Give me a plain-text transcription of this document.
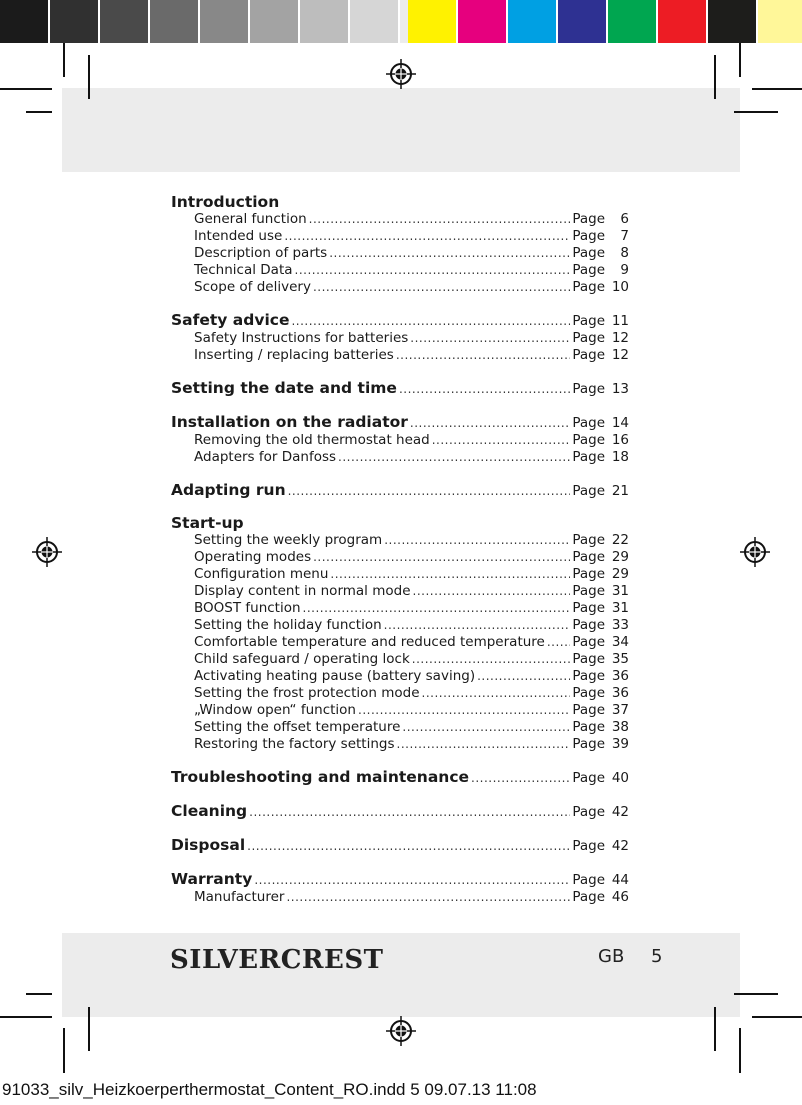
Introduction
General function .....	Page	6
Intended use .....	Page	7
Description of parts .....	Page	8
Technical Data .....	Page	9
Scope of delivery .....	Page 10
Safety advice .....	Page 11
Safety Instructions for batteries .....	Page 12
Inserting / replacing batteries .....	Page 12
Setting the date and time .....	Page 13
Installation on the radiator .....	Page 14
Removing the old thermostat head .....	Page 16
Adapters for Danfoss .....	Page 18
Adapting run .....	Page 21
Start-up
Setting the weekly program .....	Page 22
Operating modes .....	Page 29
Configuration menu .....	Page 29
Display content in normal mode .....	Page 31
BOOST function .....	Page 31
Setting the holiday function .....	Page 33
Comfortable temperature and reduced temperature ..... Page 34
Child safeguard / operating lock .....	Page 35
Activating heating pause (battery saving) .....	Page 36
Setting the frost protection mode .....	Page 36
„Window open“ function .....	Page 37
Setting the offset temperature .....	Page 38
Restoring the factory settings .....	Page 39
Troubleshooting and maintenance .....	Page 40
Cleaning .....	Page 42
Disposal .....	Page 42
Warranty .....	Page 44
Manufacturer .....	Page 46
SILVERCREST	GB 5
91033_silv_Heizkoerperthermostat_Content_RO.indd 5 09.07.13 11:08
